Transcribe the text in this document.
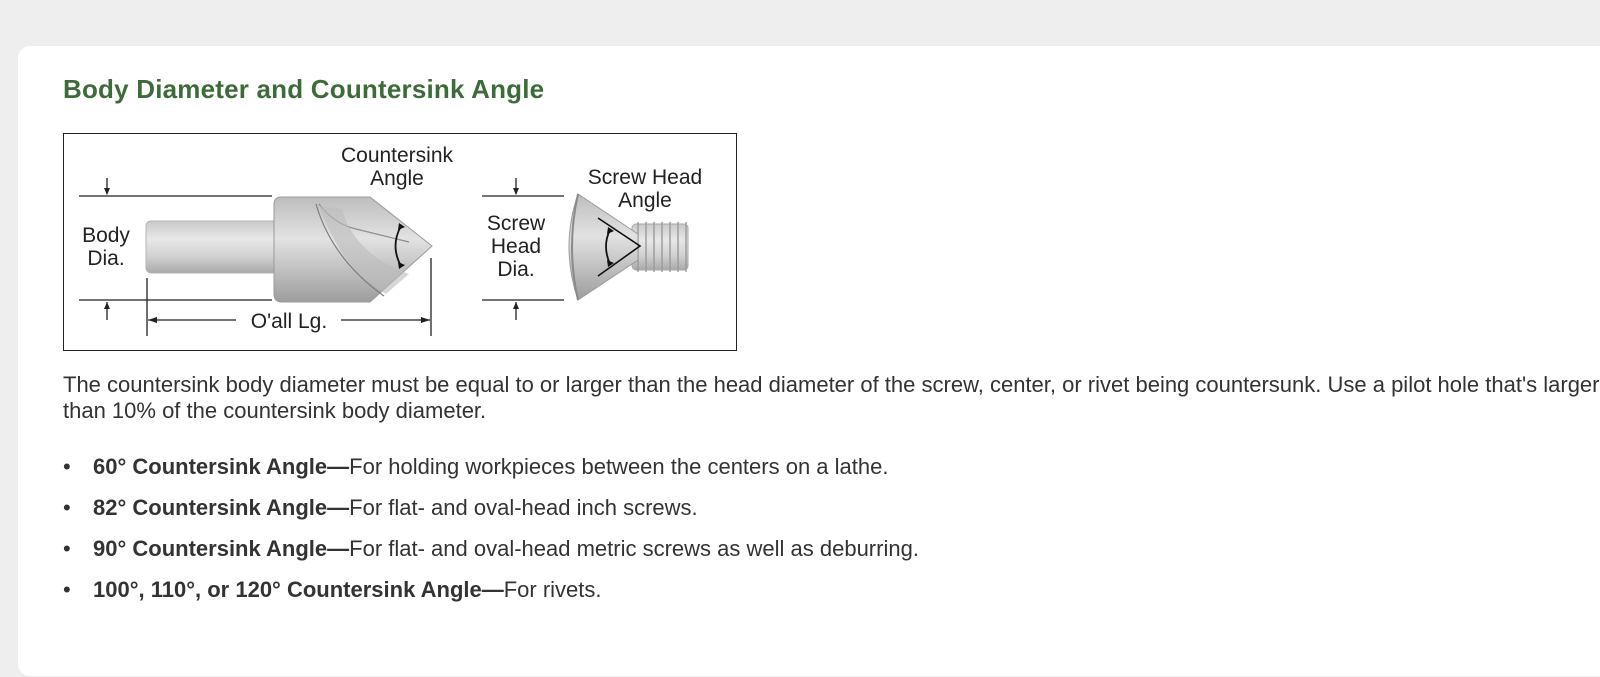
Body Diameter and Countersink Angle
Countersink
Angle	Screw Head
Angle
Body
Dia.
Screw
Head
Dia.
O'all Lg.

The countersink body diameter must be equal to or larger than the head diameter of the screw, center, or rivet being countersunk. Use a pilot hole that's larger than 10% of the countersink body diameter.

• 60° Countersink Angle—For holding workpieces between the centers on a lathe.
• 82° Countersink Angle—For flat- and oval-head inch screws.
• 90° Countersink Angle—For flat- and oval-head metric screws as well as deburring.
• 100°, 110°, or 120° Countersink Angle—For rivets.
